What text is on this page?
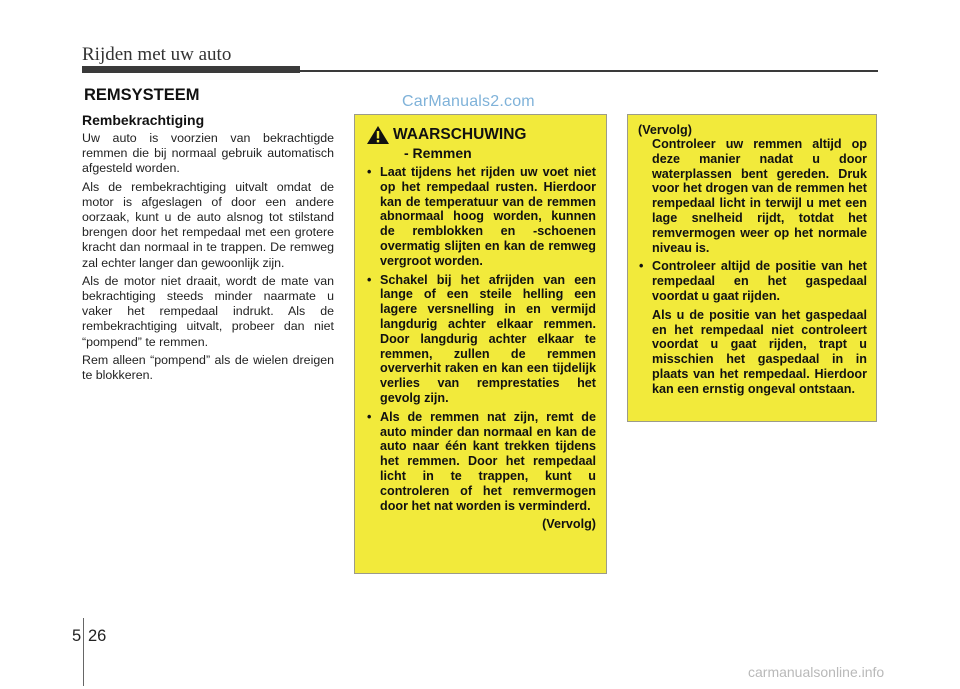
Rijden met uw auto
REMSYSTEEM	CarManuals2.com
Rembekrachtiging

Uw auto is voorzien van bekrachtigde remmen die bij normaal gebruik automatisch afgesteld worden.

Als de rembekrachtiging uitvalt omdat de motor is afgeslagen of door een andere oorzaak, kunt u de auto alsnog tot stilstand brengen door het rempedaal met een grotere kracht dan normaal in te trappen. De remweg zal echter langer dan gewoonlijk zijn.

Als de motor niet draait, wordt de mate van bekrachtiging steeds minder naarmate u vaker het rempedaal indrukt. Als de rembekrachtiging uitvalt, probeer dan niet “pompend” te remmen.

Rem alleen “pompend” als de wielen dreigen te blokkeren.

WAARSCHUWING
- Remmen

• Laat tijdens het rijden uw voet niet op het rempedaal rusten. Hierdoor kan de temperatuur van de remmen abnormaal hoog worden, kunnen de remblokken en -schoenen overmatig slijten en kan de remweg vergroot worden.

• Schakel bij het afrijden van een lange of een steile helling een lagere versnelling in en vermijd langdurig achter elkaar remmen. Door langdurig achter elkaar te remmen, zullen de remmen oververhit raken en kan een tijdelijk verlies van remprestaties het gevolg zijn.

• Als de remmen nat zijn, remt de auto minder dan normaal en kan de auto naar één kant trekken tijdens het remmen. Door het rempedaal licht in te trappen, kunt u controleren of het remvermogen door het nat worden is verminderd.

(Vervolg)
(Vervolg)

Controleer uw remmen altijd op deze manier nadat u door waterplassen bent gereden. Druk voor het drogen van de remmen het rempedaal licht in terwijl u met een lage snelheid rijdt, totdat het remvermogen weer op het normale niveau is.

• Controleer altijd de positie van het rempedaal en het gaspedaal voordat u gaat rijden.

Als u de positie van het gaspedaal en het rempedaal niet controleert voordat u gaat rijden, trapt u misschien het gaspedaal in in plaats van het rempedaal. Hierdoor kan een ernstig ongeval ontstaan.

5 26
carmanualsonline.info
